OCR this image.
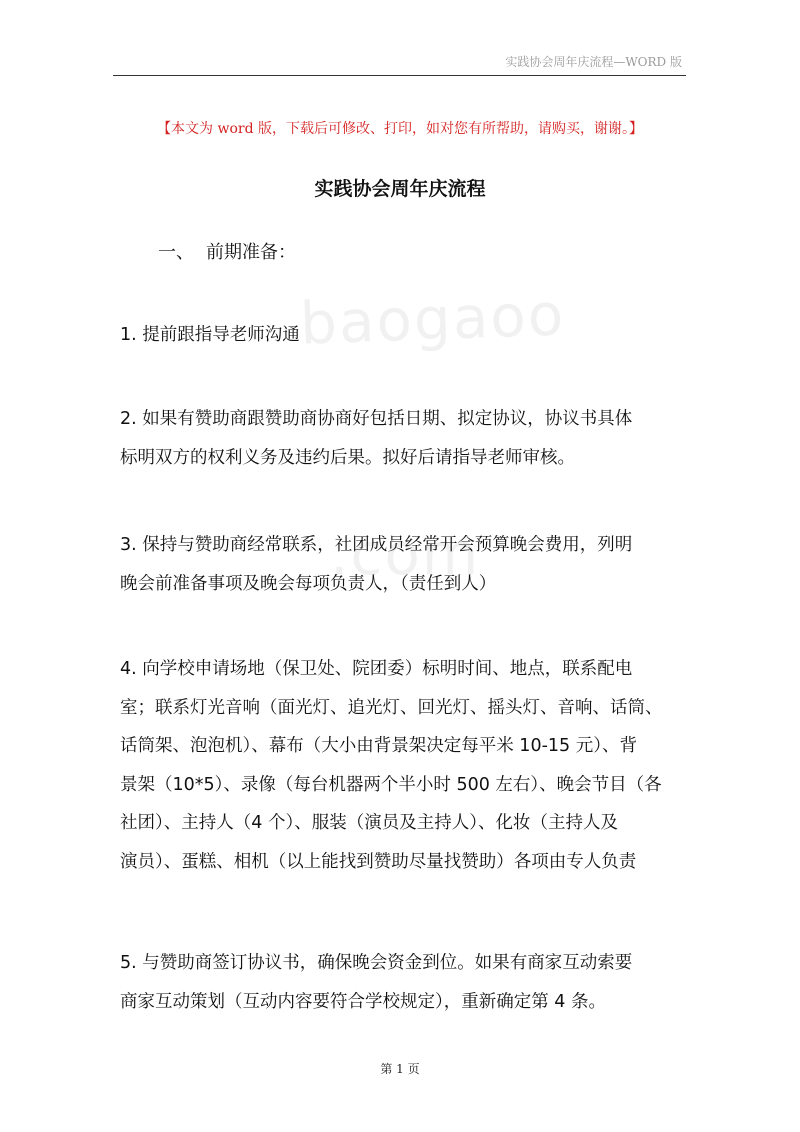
实践协会周年庆流程—WORD 版
【本文为 word 版，下载后可修改、打印，如对您有所帮助，请购买，谢谢。】
实践协会周年庆流程
一、 前期准备：
baogaoo
.com
1. 提前跟指导老师沟通
2. 如果有赞助商跟赞助商协商好包括日期、拟定协议，协议书具体
标明双方的权利义务及违约后果。拟好后请指导老师审核。
3. 保持与赞助商经常联系，社团成员经常开会预算晚会费用，列明
晚会前准备事项及晚会每项负责人，（责任到人）
4. 向学校申请场地（保卫处、院团委）标明时间、地点，联系配电
室；联系灯光音响（面光灯、追光灯、回光灯、摇头灯、音响、话筒、
话筒架、泡泡机）、幕布（大小由背景架决定每平米 10-15 元）、背
景架（10*5）、录像（每台机器两个半小时 500 左右）、晚会节目（各
社团）、主持人（4 个）、服装（演员及主持人）、化妆（主持人及
演员）、蛋糕、相机（以上能找到赞助尽量找赞助）各项由专人负责
5. 与赞助商签订协议书，确保晚会资金到位。如果有商家互动索要
商家互动策划（互动内容要符合学校规定），重新确定第 4 条。
第 1 页
